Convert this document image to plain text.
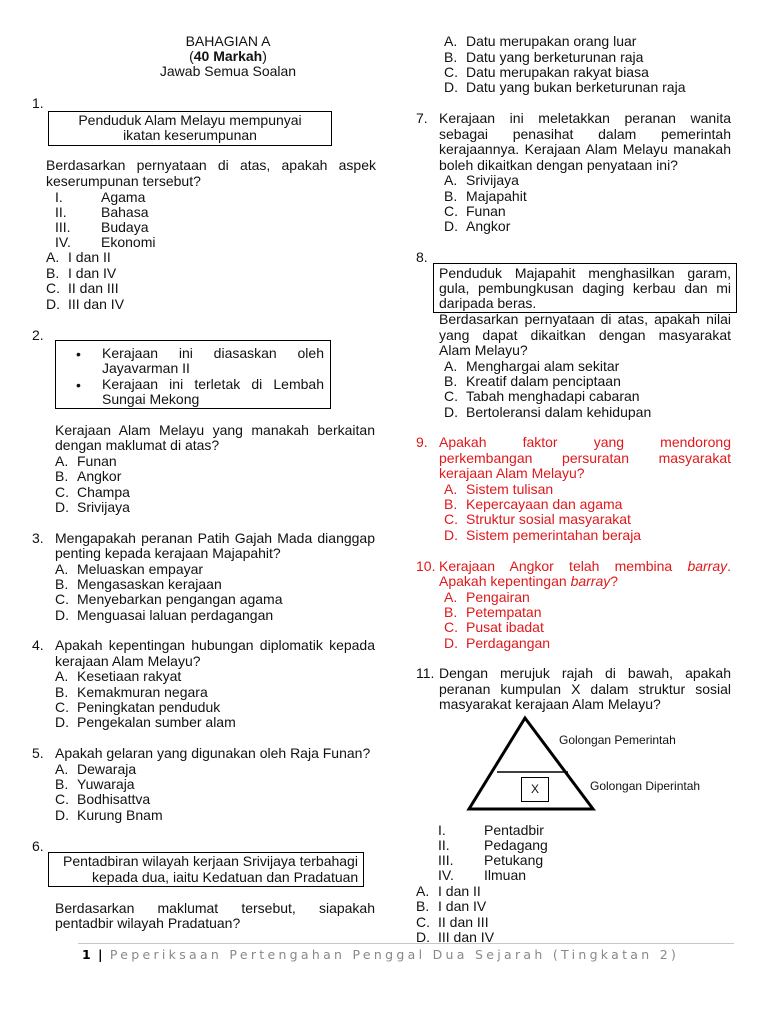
BAHAGIAN A
(40 Markah)
Jawab Semua Soalan
1.
Penduduk Alam Melayu mempunyai
ikatan keserumpunan
Berdasarkan pernyataan di atas, apakah aspek
keserumpunan tersebut?
I.	Agama
II. Bahasa
III. Budaya
IV. Ekonomi
A. I dan II
B. I dan IV
C. II dan III
D. III dan IV
2.
• Kerajaan ini diasaskan oleh
Jayavarman II
• Kerajaan ini terletak di Lembah
Sungai Mekong
Kerajaan Alam Melayu yang manakah berkaitan
dengan maklumat di atas?
A. Funan
B. Angkor
C. Champa
D. Srivijaya
3. Mengapakah peranan Patih Gajah Mada dianggap
penting kepada kerajaan Majapahit?
A. Meluaskan empayar
B. Mengasaskan kerajaan
C. Menyebarkan pengangan agama
D. Menguasai laluan perdagangan
4. Apakah kepentingan hubungan diplomatik kepada
kerajaan Alam Melayu?
A. Kesetiaan rakyat
B. Kemakmuran negara
C. Peningkatan penduduk
D. Pengekalan sumber alam
5. Apakah gelaran yang digunakan oleh Raja Funan?
A. Dewaraja
B. Yuwaraja
C. Bodhisattva
D. Kurung Bnam
6.
Pentadbiran wilayah kerjaan Srivijaya terbahagi
kepada dua, iaitu Kedatuan dan Pradatuan
Berdasarkan maklumat tersebut, siapakah
pentadbir wilayah Pradatuan?
A. Datu merupakan orang luar
B. Datu yang berketurunan raja
C. Datu merupakan rakyat biasa
D. Datu yang bukan berketurunan raja
7. Kerajaan ini meletakkan peranan wanita
sebagai penasihat dalam pemerintah
kerajaannya. Kerajaan Alam Melayu manakah
boleh dikaitkan dengan penyataan ini?
A. Srivijaya
B. Majapahit
C. Funan
D. Angkor
8.
Penduduk Majapahit menghasilkan garam,
gula, pembungkusan daging kerbau dan mi
daripada beras.
Berdasarkan pernyataan di atas, apakah nilai
yang dapat dikaitkan dengan masyarakat
Alam Melayu?
A. Menghargai alam sekitar
B. Kreatif dalam penciptaan
C. Tabah menghadapi cabaran
D. Bertoleransi dalam kehidupan
9. Apakah faktor yang mendorong
perkembangan persuratan masyarakat
kerajaan Alam Melayu?
A. Sistem tulisan
B. Kepercayaan dan agama
C. Struktur sosial masyarakat
D. Sistem pemerintahan beraja
10. Kerajaan Angkor telah membina barray.
Apakah kepentingan barray?
A. Pengairan
B. Petempatan
C. Pusat ibadat
D. Perdagangan
11. Dengan merujuk rajah di bawah, apakah
peranan kumpulan X dalam struktur sosial
masyarakat kerajaan Alam Melayu?
X
Golongan Pemerintah
Golongan Diperintah
I.	Pentadbir
II. Pedagang
III. Petukang
IV. Ilmuan
A. I dan II
B. I dan IV
C. II dan III
D. III dan IV
1 | Peperiksaan Pertengahan Penggal Dua Sejarah (Tingkatan 2)
